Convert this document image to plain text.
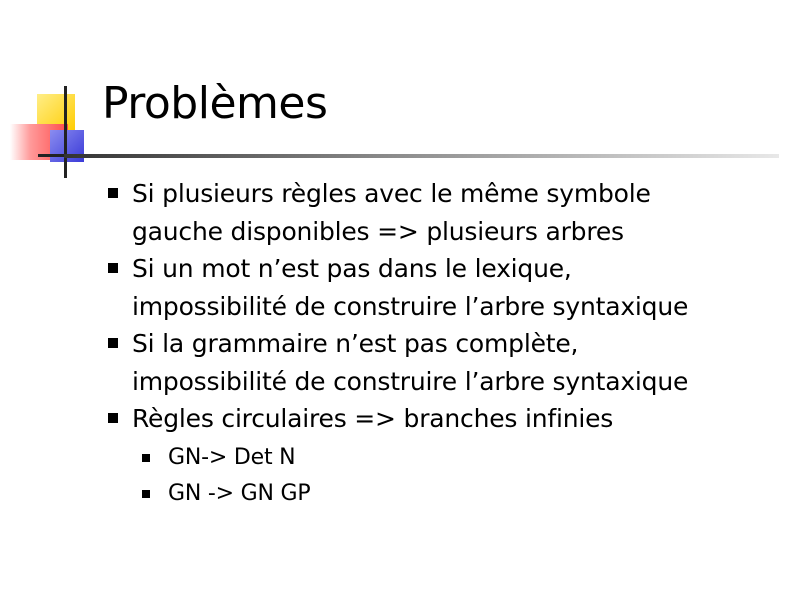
Problèmes
Si plusieurs règles avec le même symbole
gauche disponibles => plusieurs arbres
Si un mot n’est pas dans le lexique,
impossibilité de construire l’arbre syntaxique
Si la grammaire n’est pas complète,
impossibilité de construire l’arbre syntaxique
Règles circulaires => branches infinies
GN-> Det N
GN -> GN GP
